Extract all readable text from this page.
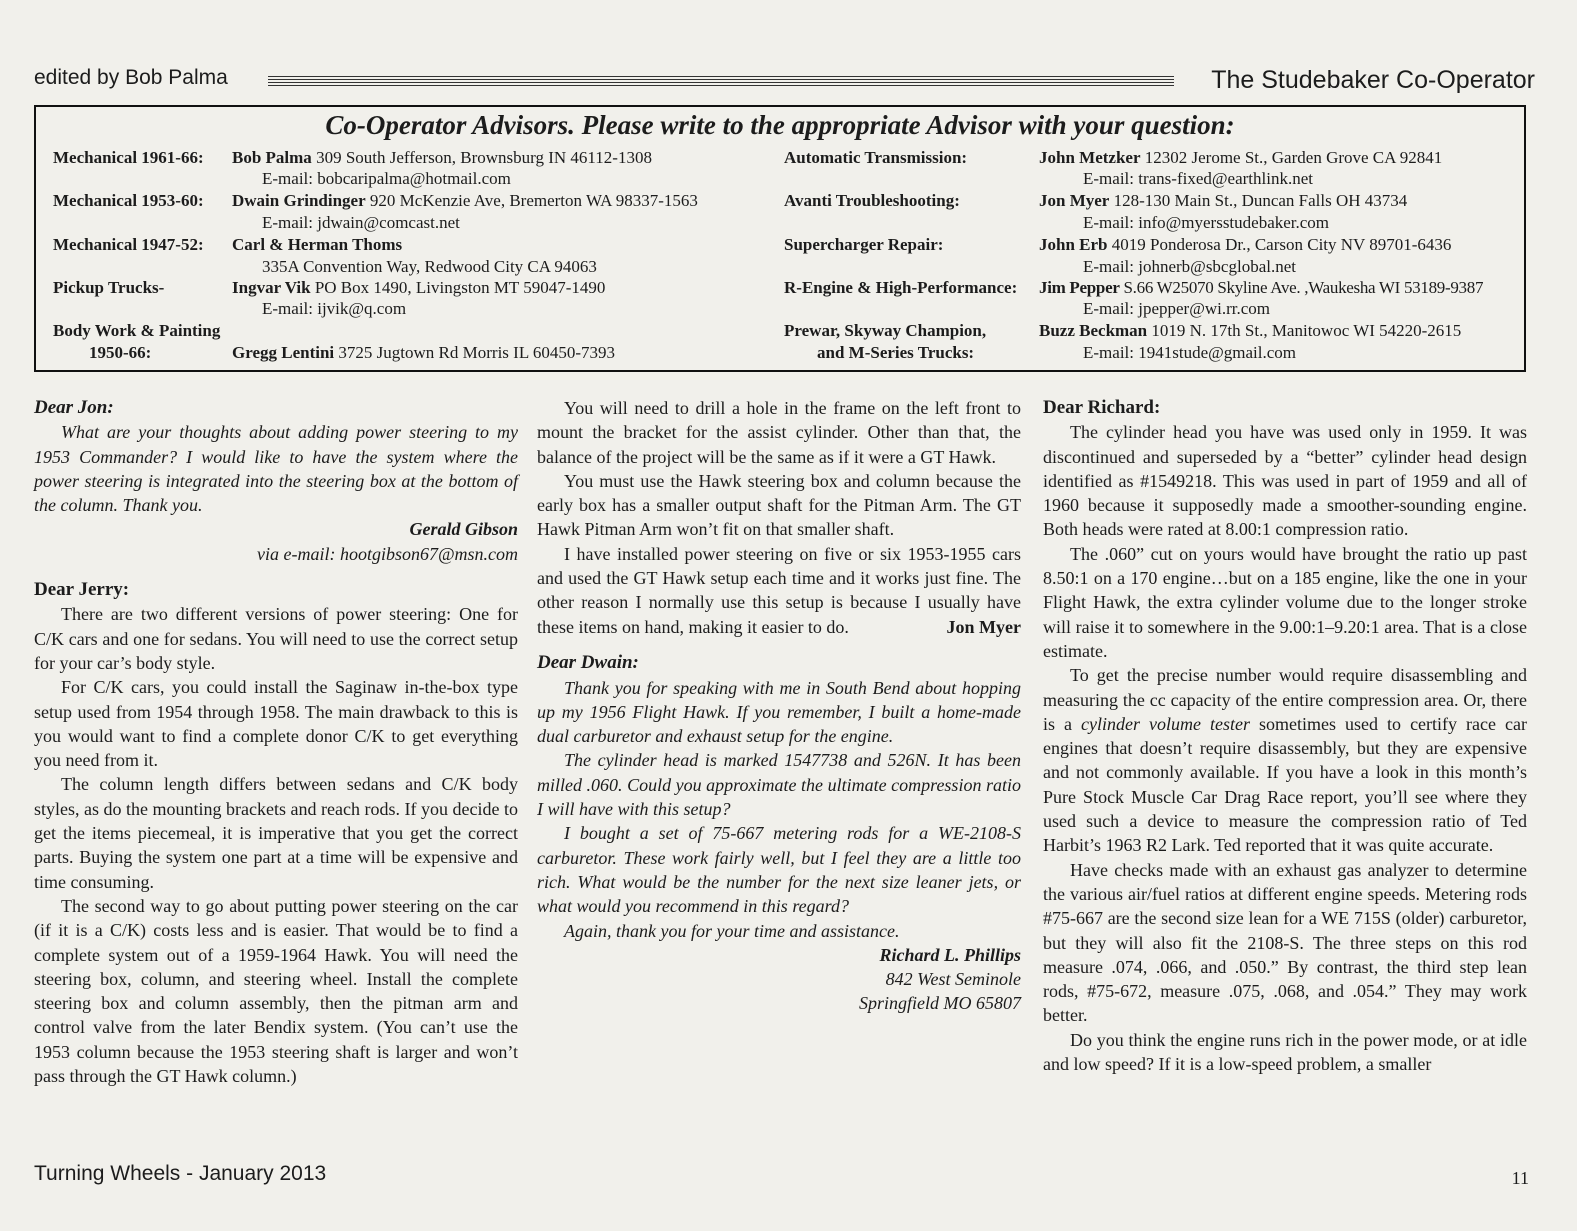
edited by Bob Palma	The Studebaker Co-Operator
Co-Operator Advisors. Please write to the appropriate Advisor with your question:
Mechanical 1961-66: Bob Palma 309 South Jefferson, Brownsburg IN 46112-1308
E-mail: bobcaripalma@hotmail.com
Mechanical 1953-60: Dwain Grindinger 920 McKenzie Ave, Bremerton WA 98337-1563
E-mail: jdwain@comcast.net
Mechanical 1947-52: Carl & Herman Thoms
335A Convention Way, Redwood City CA 94063
Pickup Trucks-	Ingvar Vik PO Box 1490, Livingston MT 59047-1490
E-mail: ijvik@q.com
Body Work & Painting
1950-66:	Gregg Lentini 3725 Jugtown Rd Morris IL 60450-7393
Automatic Transmission:	John Metzker 12302 Jerome St., Garden Grove CA 92841
E-mail: trans-fixed@earthlink.net
Avanti Troubleshooting:	Jon Myer 128-130 Main St., Duncan Falls OH 43734
E-mail: info@myersstudebaker.com
Supercharger Repair:	John Erb 4019 Ponderosa Dr., Carson City NV 89701-6436
E-mail: johnerb@sbcglobal.net
R-Engine & High-Performance: Jim Pepper S.66 W25070 Skyline Ave. ,Waukesha WI 53189-9387
E-mail: jpepper@wi.rr.com
Prewar, Skyway Champion,
and M-Series Trucks:
Buzz Beckman 1019 N. 17th St., Manitowoc WI 54220-2615
E-mail: 1941stude@gmail.com

Dear Jon:

What are your thoughts about adding power steering to my 1953 Commander? I would like to have the system where the power steering is integrated into the steering box at the bottom of the column. Thank you.

Gerald Gibson

via e-mail: hootgibson67@msn.com

Dear Jerry:

There are two different versions of power steering: One for C/K cars and one for sedans. You will need to use the correct setup for your car’s body style.

For C/K cars, you could install the Saginaw in-the-box type setup used from 1954 through 1958. The main drawback to this is you would want to find a complete donor C/K to get everything you need from it.

The column length differs between sedans and C/K body styles, as do the mounting brackets and reach rods. If you decide to get the items piecemeal, it is imperative that you get the correct parts. Buying the system one part at a time will be expensive and time consuming.

The second way to go about putting power steering on the car (if it is a C/K) costs less and is easier. That would be to find a complete system out of a 1959-1964 Hawk. You will need the steering box, column, and steering wheel. Install the complete steering box and column assembly, then the pitman arm and control valve from the later Bendix system. (You can’t use the 1953 column because the 1953 steering shaft is larger and won’t pass through the GT Hawk column.)

You will need to drill a hole in the frame on the left front to mount the bracket for the assist cylinder. Other than that, the balance of the project will be the same as if it were a GT Hawk.

You must use the Hawk steering box and column because the early box has a smaller output shaft for the Pitman Arm. The GT Hawk Pitman Arm won’t fit on that smaller shaft.

I have installed power steering on five or six 1953-1955 cars and used the GT Hawk setup each time and it works just fine. The other reason I normally use this setup is because I usually have these items on hand, making it easier to do.	Jon Myer

Dear Dwain:

Thank you for speaking with me in South Bend about hopping up my 1956 Flight Hawk. If you remember, I built a home-made dual carburetor and exhaust setup for the engine.

The cylinder head is marked 1547738 and 526N. It has been milled .060. Could you approximate the ultimate compression ratio I will have with this setup?

I bought a set of 75-667 metering rods for a WE-2108-S carburetor. These work fairly well, but I feel they are a little too rich. What would be the number for the next size leaner jets, or what would you recommend in this regard?

Again, thank you for your time and assistance.

Richard L. Phillips

842 West Seminole

Springfield MO 65807

Dear Richard:

The cylinder head you have was used only in 1959. It was discontinued and superseded by a “better” cylinder head design identified as #1549218. This was used in part of 1959 and all of 1960 because it supposedly made a smoother-sounding engine. Both heads were rated at 8.00:1 compression ratio.

The .060” cut on yours would have brought the ratio up past 8.50:1 on a 170 engine…but on a 185 engine, like the one in your Flight Hawk, the extra cylinder volume due to the longer stroke will raise it to somewhere in the 9.00:1–9.20:1 area. That is a close estimate.

To get the precise number would require disassembling and measuring the cc capacity of the entire compression area. Or, there is a cylinder volume tester sometimes used to certify race car engines that doesn’t require disassembly, but they are expensive and not commonly available. If you have a look in this month’s Pure Stock Muscle Car Drag Race report, you’ll see where they used such a device to measure the compression ratio of Ted Harbit’s 1963 R2 Lark. Ted reported that it was quite accurate.

Have checks made with an exhaust gas analyzer to determine the various air/fuel ratios at different engine speeds. Metering rods #75-667 are the second size lean for a WE 715S (older) carburetor, but they will also fit the 2108-S. The three steps on this rod measure .074, .066, and .050.” By contrast, the third step lean rods, #75-672, measure .075, .068, and .054.” They may work better.

Do you think the engine runs rich in the power mode, or at idle and low speed? If it is a low-speed problem, a smaller

Turning Wheels - January 2013	11
